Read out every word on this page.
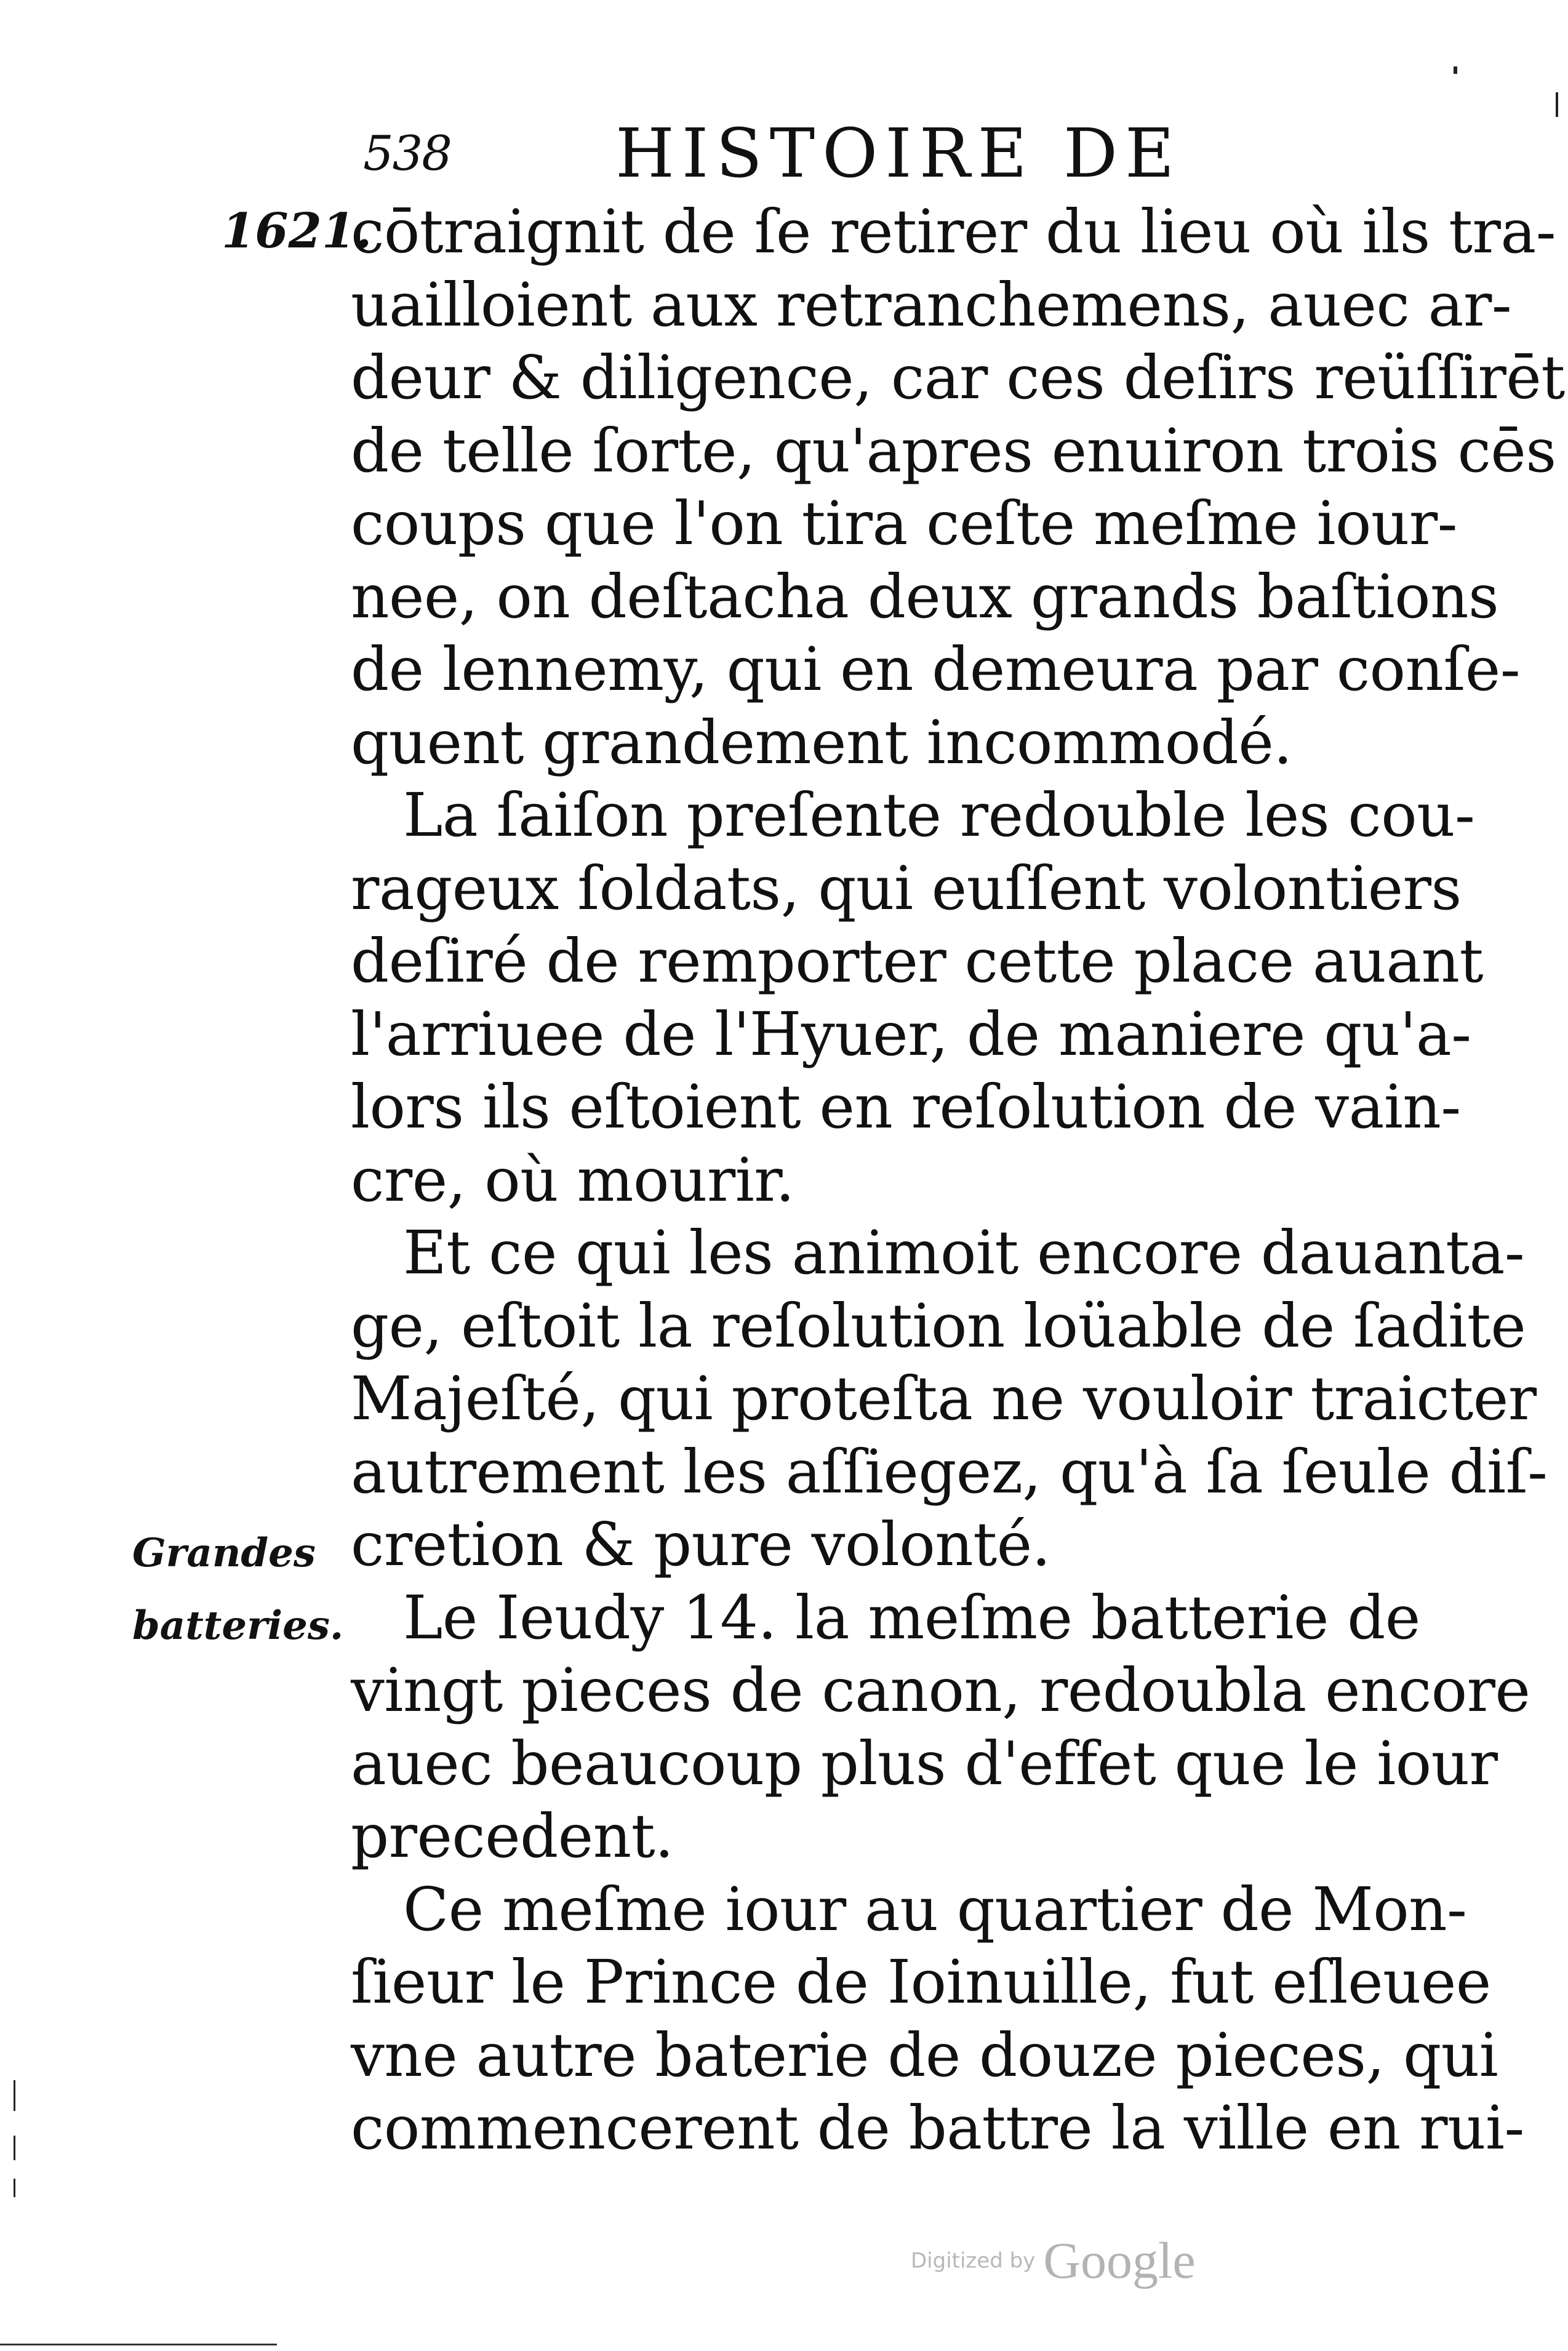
538 HISTOIRE DE
1621.
Grandes
batteries.
cōtraignit de ſe retirer du lieu où ils tra-
uailloient aux retranchemens, auec ar-
deur & diligence, car ces deſirs reüſſirēt
de telle ſorte, qu'apres enuiron trois cēs
coups que l'on tira ceſte meſme iour-
nee, on deſtacha deux grands baſtions
de lennemy, qui en demeura par conſe-
quent grandement incommodé.
La ſaiſon preſente redouble les cou-
rageux ſoldats, qui euſſent volontiers
deſiré de remporter cette place auant
l'arriuee de l'Hyuer, de maniere qu'a-
lors ils eſtoient en reſolution de vain-
cre, où mourir.
Et ce qui les animoit encore dauanta-
ge, eſtoit la reſolution loüable de ſadite
Majeſté, qui proteſta ne vouloir traicter
autrement les aſſiegez, qu'à ſa ſeule diſ-
cretion & pure volonté.
Le Ieudy 14. la meſme batterie de
vingt pieces de canon, redoubla encore
auec beaucoup plus d'effet que le iour
precedent.
Ce meſme iour au quartier de Mon-
ſieur le Prince de Ioinuille, fut eſleuee
vne autre baterie de douze pieces, qui
commencerent de battre la ville en rui-
Digitized by Google
